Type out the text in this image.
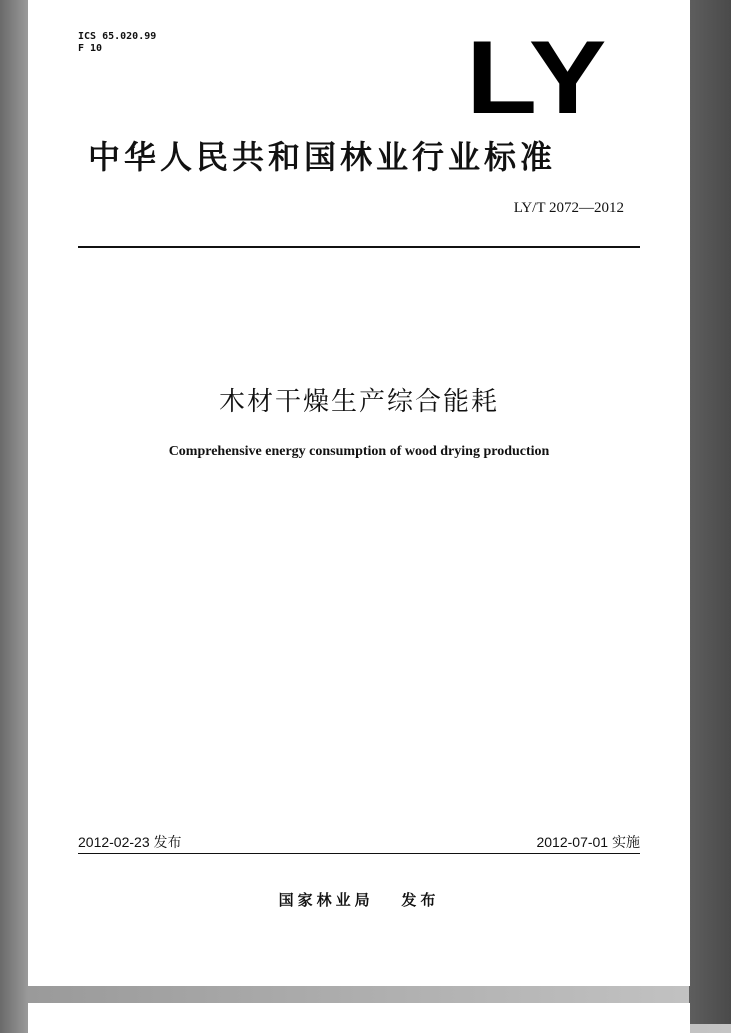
ICS 65.020.99
F 10	LY
中华人民共和国林业行业标准
LY/T 2072—2012
木材干燥生产综合能耗
Comprehensive energy consumption of wood drying production
2012-02-23 发布	2012-07-01 实施
国家林业局 发布
